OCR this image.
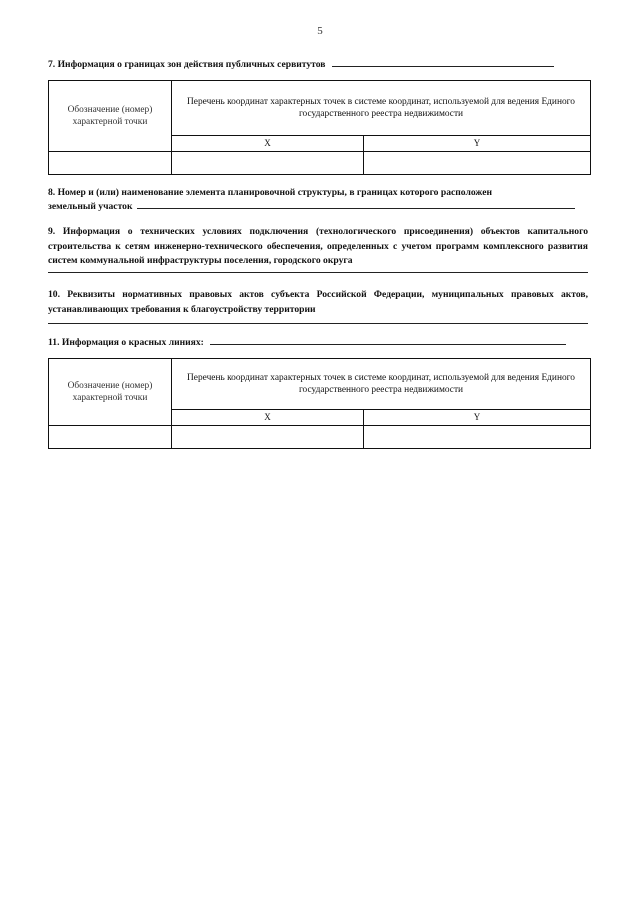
5
7. Информация о границах зон действия публичных сервитутов
Обозначение (номер) характерной точки	Перечень координат характерных точек в системе координат, используемой для ведения Единого государственного реестра недвижимости	
	X	Y

8. Номер и (или) наименование элемента планировочной структуры, в границах которого расположен
земельный участок
9. Информация о технических условиях подключения (технологического присоединения) объектов капитального строительства к сетям инженерно-технического обеспечения, определенных с учетом программ комплексного развития систем коммунальной инфраструктуры поселения, городского округа
10. Реквизиты нормативных правовых актов субъекта Российской Федерации, муниципальных правовых актов, устанавливающих требования к благоустройству территории
11. Информация о красных линиях:
Обозначение (номер) характерной точки	Перечень координат характерных точек в системе координат, используемой для ведения Единого государственного реестра недвижимости	
	X	Y
